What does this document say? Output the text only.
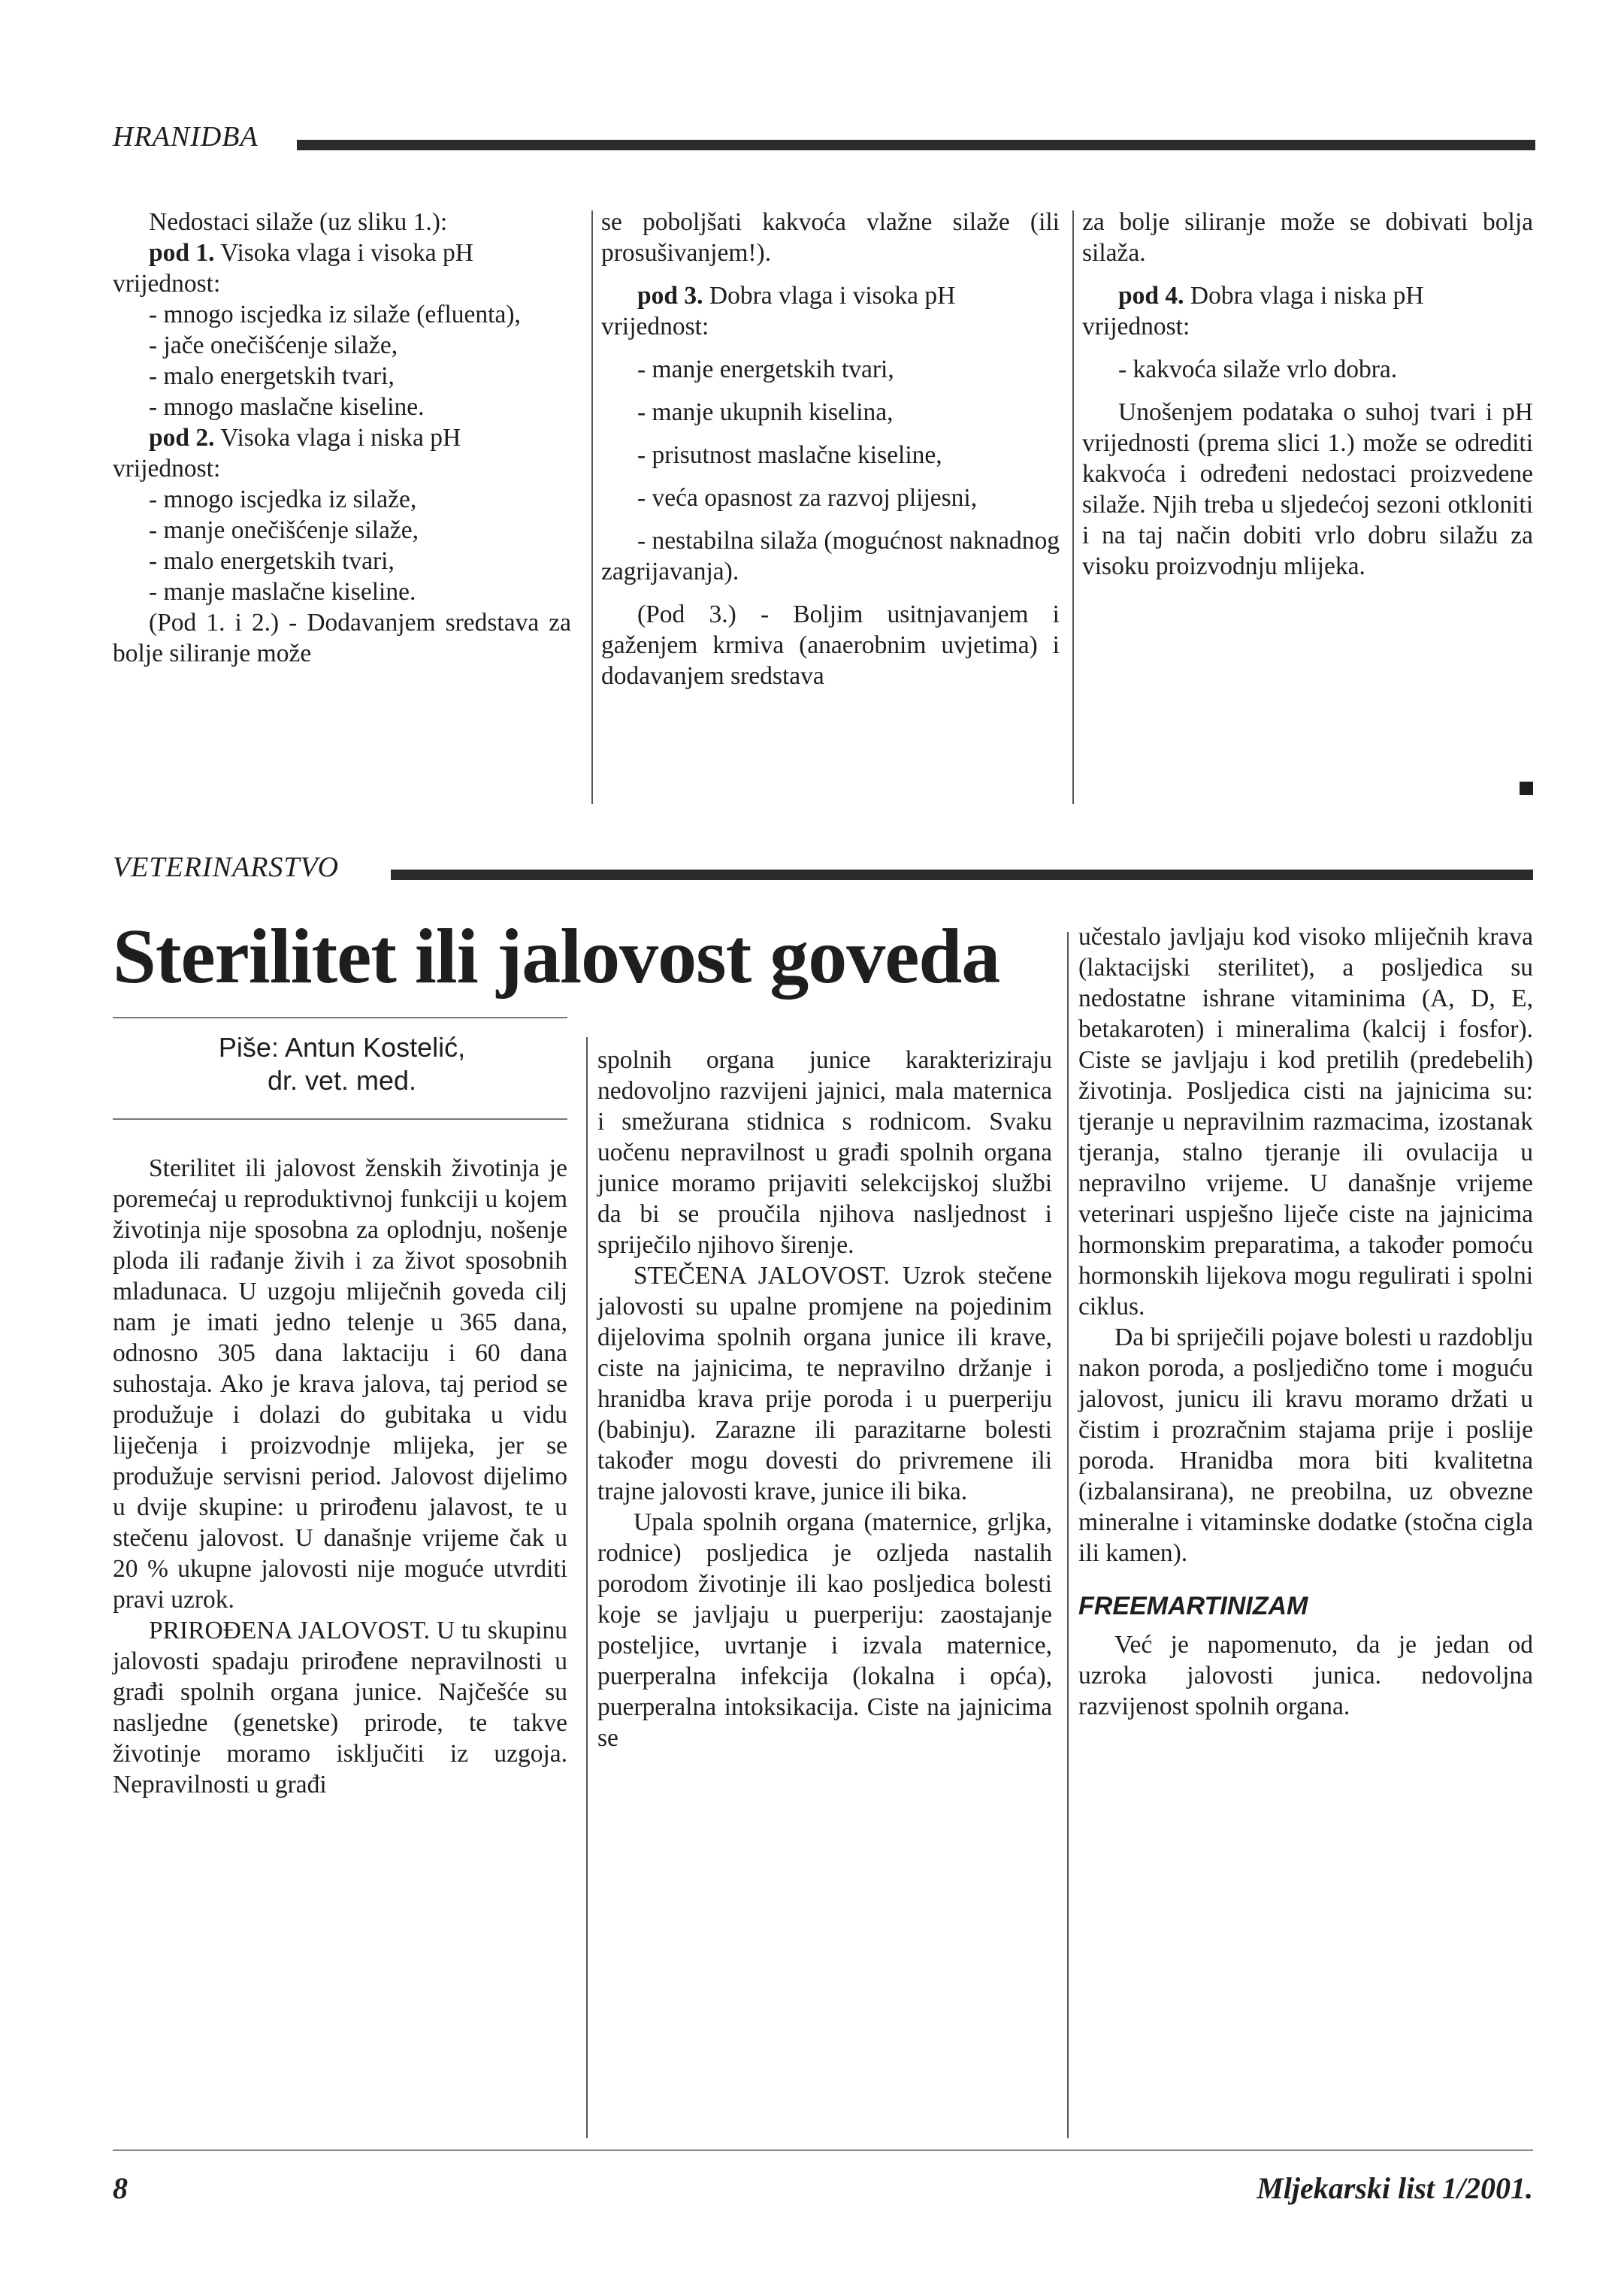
HRANIDBA

Nedostaci silaže (uz sliku 1.):

pod 1. Visoka vlaga i visoka pH vrijednost:

- mnogo iscjedka iz silaže (efluenta),

- jače onečišćenje silaže,

- malo energetskih tvari,

- mnogo maslačne kiseline.

pod 2. Visoka vlaga i niska pH vrijednost:

- mnogo iscjedka iz silaže,

- manje onečišćenje silaže,

- malo energetskih tvari,

- manje maslačne kiseline.

(Pod 1. i 2.) - Dodavanjem sredstava za bolje siliranje može

se poboljšati kakvoća vlažne silaže (ili prosušivanjem!).

pod 3. Dobra vlaga i visoka pH vrijednost:

- manje energetskih tvari,

- manje ukupnih kiselina,

- prisutnost maslačne kiseline,

- veća opasnost za razvoj plijesni,

- nestabilna silaža (mogućnost naknadnog zagrijavanja).

(Pod 3.) - Boljim usitnjavanjem i gaženjem krmiva (anaerobnim uvjetima) i dodavanjem sredstava

za bolje siliranje može se dobivati bolja silaža.

pod 4. Dobra vlaga i niska pH vrijednost:

- kakvoća silaže vrlo dobra.

Unošenjem podataka o suhoj tvari i pH vrijednosti (prema slici 1.) može se odrediti kakvoća i određeni nedostaci proizvedene silaže. Njih treba u sljedećoj sezoni otkloniti i na taj način dobiti vrlo dobru silažu za visoku proizvodnju mlijeka.

VETERINARSTVO
Sterilitet ili jalovost goveda
Piše: Antun Kostelić, dr. vet. med.

Sterilitet ili jalovost ženskih životinja je poremećaj u reproduktivnoj funkciji u kojem životinja nije sposobna za oplodnju, nošenje ploda ili rađanje živih i za život sposobnih mladunaca. U uzgoju mliječnih goveda cilj nam je imati jedno telenje u 365 dana, odnosno 305 dana laktaciju i 60 dana suhostaja. Ako je krava jalova, taj period se produžuje i dolazi do gubitaka u vidu liječenja i proizvodnje mlijeka, jer se produžuje servisni period. Jalovost dijelimo u dvije skupine: u prirođenu jalavost, te u stečenu jalovost. U današnje vrijeme čak u 20 % ukupne jalovosti nije moguće utvrditi pravi uzrok.

PRIROĐENA JALOVOST. U tu skupinu jalovosti spadaju prirođene nepravilnosti u građi spolnih organa junice. Najčešće su nasljedne (genetske) prirode, te takve životinje moramo isključiti iz uzgoja. Nepravilnosti u građi

spolnih organa junice karakteriziraju nedovoljno razvijeni jajnici, mala maternica i smežurana stidnica s rodnicom. Svaku uočenu nepravilnost u građi spolnih organa junice moramo prijaviti selekcijskoj službi da bi se proučila njihova nasljednost i spriječilo njihovo širenje.

STEČENA JALOVOST. Uzrok stečene jalovosti su upalne promjene na pojedinim dijelovima spolnih organa junice ili krave, ciste na jajnicima, te nepravilno držanje i hranidba krava prije poroda i u puerperiju (babinju). Zarazne ili parazitarne bolesti također mogu dovesti do privremene ili trajne jalovosti krave, junice ili bika.

Upala spolnih organa (maternice, grljka, rodnice) posljedica je ozljeda nastalih porodom životinje ili kao posljedica bolesti koje se javljaju u puerperiju: zaostajanje posteljice, uvrtanje i izvala maternice, puerperalna infekcija (lokalna i opća), puerperalna intoksikacija. Ciste na jajnicima se

učestalo javljaju kod visoko mliječnih krava (laktacijski sterilitet), a posljedica su nedostatne ishrane vitaminima (A, D, E, betakaroten) i mineralima (kalcij i fosfor). Ciste se javljaju i kod pretilih (predebelih) životinja. Posljedica cisti na jajnicima su: tjeranje u nepravilnim razmacima, izostanak tjeranja, stalno tjeranje ili ovulacija u nepravilno vrijeme. U današnje vrijeme veterinari uspješno liječe ciste na jajnicima hormonskim preparatima, a također pomoću hormonskih lijekova mogu regulirati i spolni ciklus.

Da bi spriječili pojave bolesti u razdoblju nakon poroda, a posljedično tome i moguću jalovost, junicu ili kravu moramo držati u čistim i prozračnim stajama prije i poslije poroda. Hranidba mora biti kvalitetna (izbalansirana), ne preobilna, uz obvezne mineralne i vitaminske dodatke (stočna cigla ili kamen).

FREEMARTINIZAM

Već je napomenuto, da je jedan od uzroka jalovosti junica. nedovoljna razvijenost spolnih organa.

8	Mljekarski list 1/2001.
